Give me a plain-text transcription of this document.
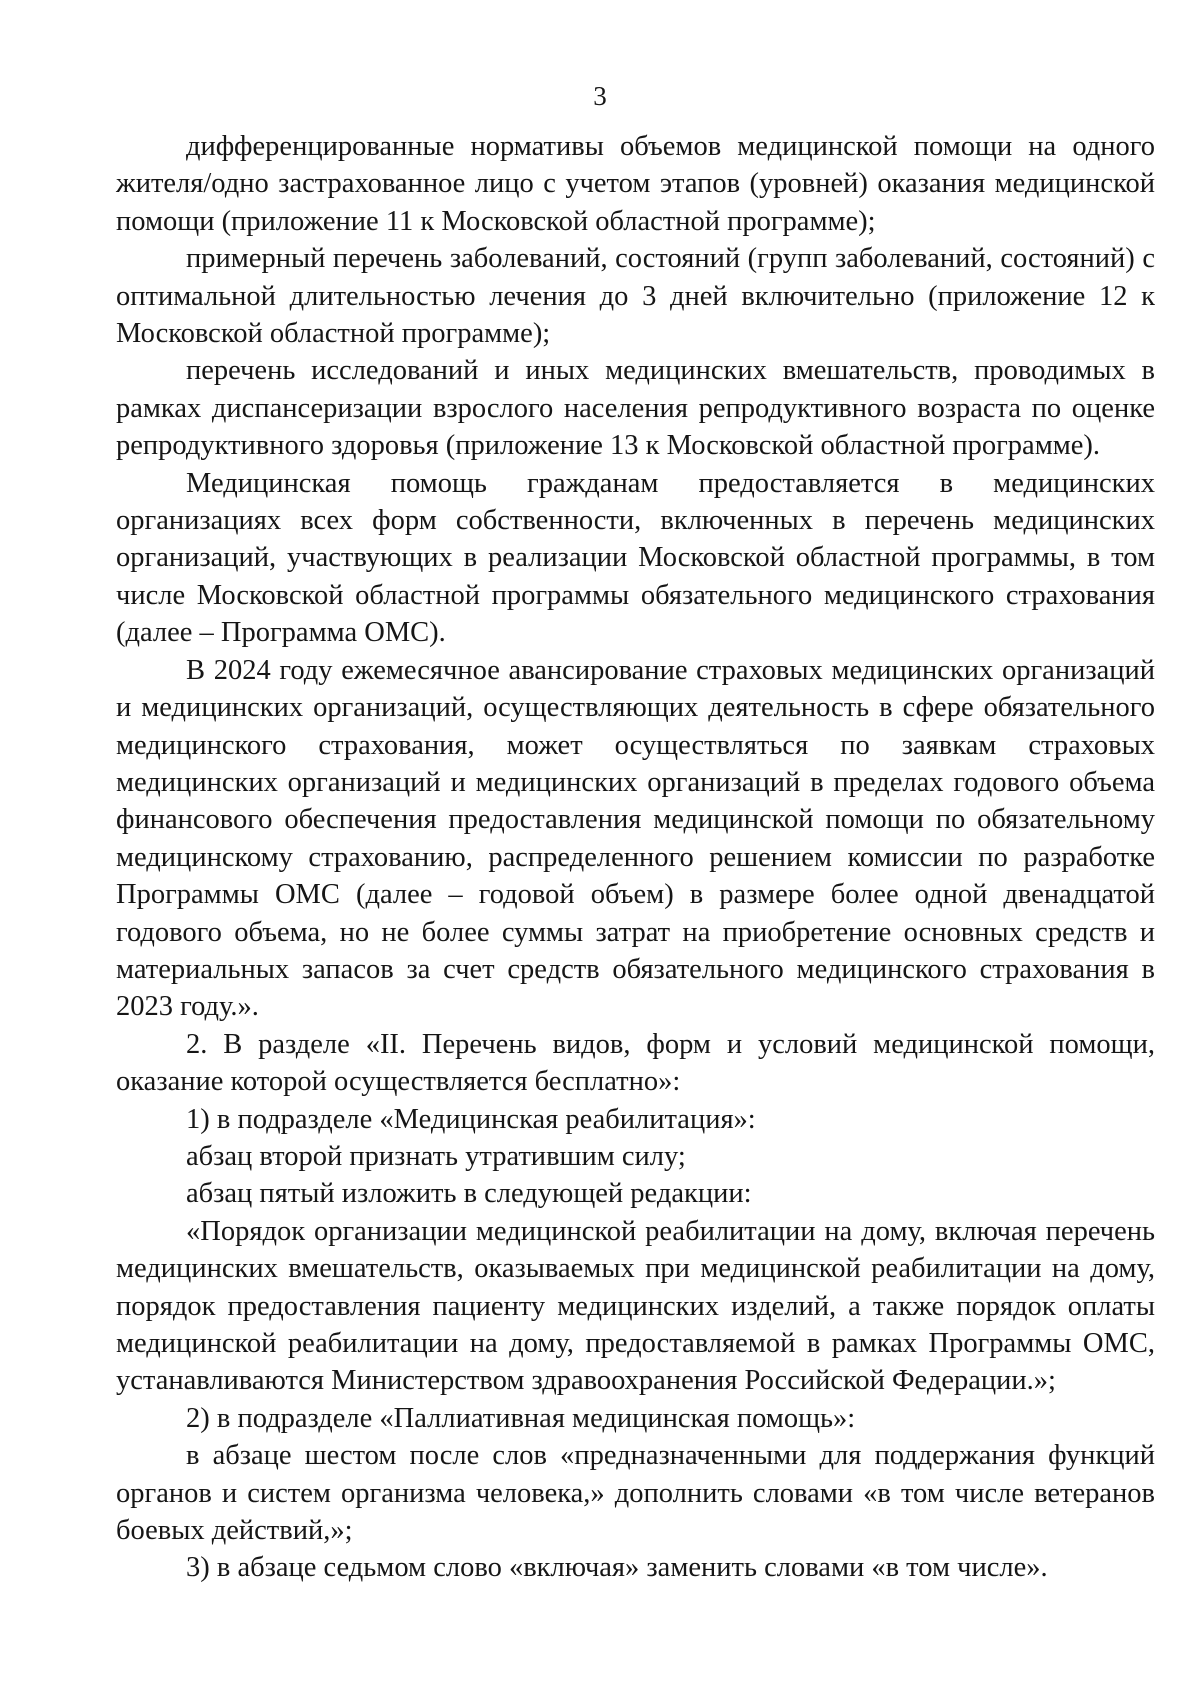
3

дифференцированные нормативы объемов медицинской помощи на одного жителя/одно застрахованное лицо с учетом этапов (уровней) оказания медицинской помощи (приложение 11 к Московской областной программе);

примерный перечень заболеваний, состояний (групп заболеваний, состояний) с оптимальной длительностью лечения до 3 дней включительно (приложение 12 к Московской областной программе);

перечень исследований и иных медицинских вмешательств, проводимых в рамках диспансеризации взрослого населения репродуктивного возраста по оценке репродуктивного здоровья (приложение 13 к Московской областной программе).

Медицинская помощь гражданам предоставляется в медицинских организациях всех форм собственности, включенных в перечень медицинских организаций, участвующих в реализации Московской областной программы, в том числе Московской областной программы обязательного медицинского страхования (далее – Программа ОМС).

В 2024 году ежемесячное авансирование страховых медицинских организаций и медицинских организаций, осуществляющих деятельность в сфере обязательного медицинского страхования, может осуществляться по заявкам страховых медицинских организаций и медицинских организаций в пределах годового объема финансового обеспечения предоставления медицинской помощи по обязательному медицинскому страхованию, распределенного решением комиссии по разработке Программы ОМС (далее – годовой объем) в размере более одной двенадцатой годового объема, но не более суммы затрат на приобретение основных средств и материальных запасов за счет средств обязательного медицинского страхования в 2023 году.».

2. В разделе «II. Перечень видов, форм и условий медицинской помощи, оказание которой осуществляется бесплатно»:

1) в подразделе «Медицинская реабилитация»:

абзац второй признать утратившим силу;

абзац пятый изложить в следующей редакции:

«Порядок организации медицинской реабилитации на дому, включая перечень медицинских вмешательств, оказываемых при медицинской реабилитации на дому, порядок предоставления пациенту медицинских изделий, а также порядок оплаты медицинской реабилитации на дому, предоставляемой в рамках Программы ОМС, устанавливаются Министерством здравоохранения Российской Федерации.»;

2) в подразделе «Паллиативная медицинская помощь»:

в абзаце шестом после слов «предназначенными для поддержания функций органов и систем организма человека,» дополнить словами «в том числе ветеранов боевых действий,»;

3) в абзаце седьмом слово «включая» заменить словами «в том числе».
